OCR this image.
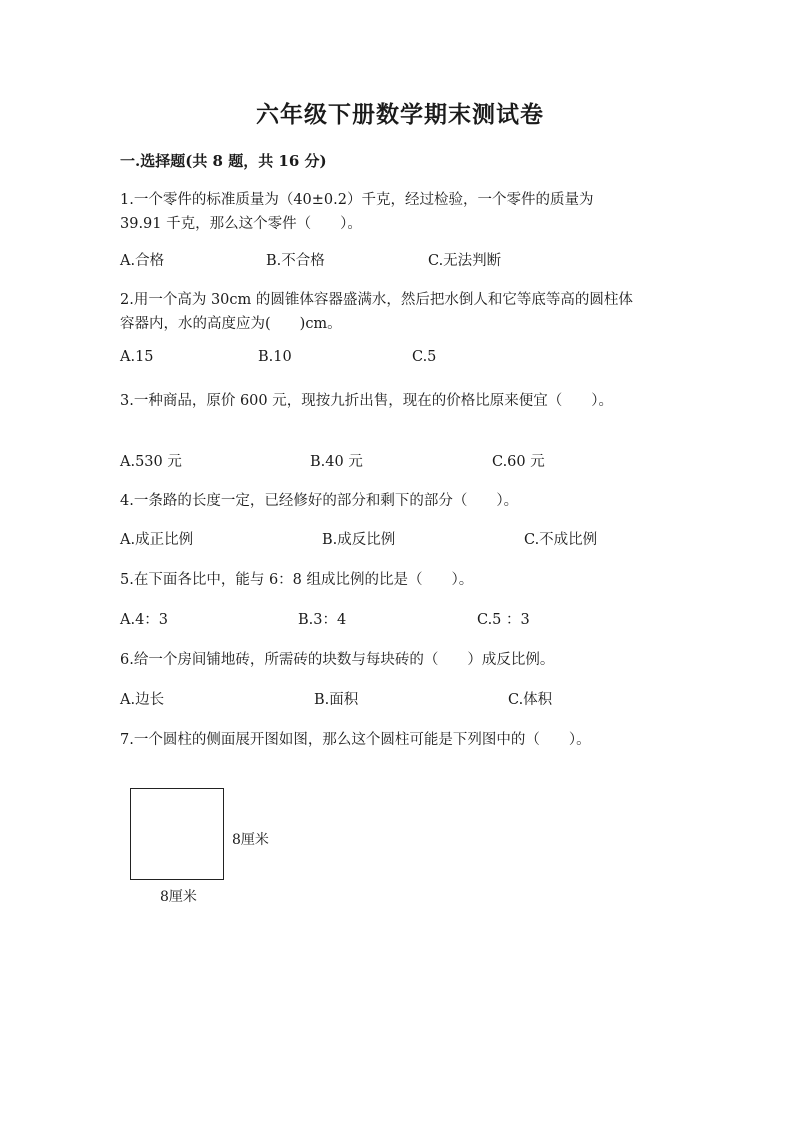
六年级下册数学期末测试卷
一.选择题(共 8 题，共 16 分)
1.一个零件的标准质量为（40±0.2）千克，经过检验，一个零件的质量为
39.91 千克，那么这个零件（　　）。
A.合格	B.不合格	C.无法判断
2.用一个高为 30cm 的圆锥体容器盛满水，然后把水倒人和它等底等高的圆柱体
容器内，水的高度应为(　　)cm。
A.15	B.10	C.5
3.一种商品，原价 600 元，现按九折出售，现在的价格比原来便宜（　　）。
A.530 元	B.40 元	C.60 元
4.一条路的长度一定，已经修好的部分和剩下的部分（　　）。
A.成正比例	B.成反比例	C.不成比例
5.在下面各比中，能与 6：8 组成比例的比是（　　）。
A.4：3	B.3：4	C.5 ：3
6.给一个房间铺地砖，所需砖的块数与每块砖的（　　）成反比例。
A.边长	B.面积	C.体积
7.一个圆柱的侧面展开图如图，那么这个圆柱可能是下列图中的（　　）。
8厘米
8厘米
